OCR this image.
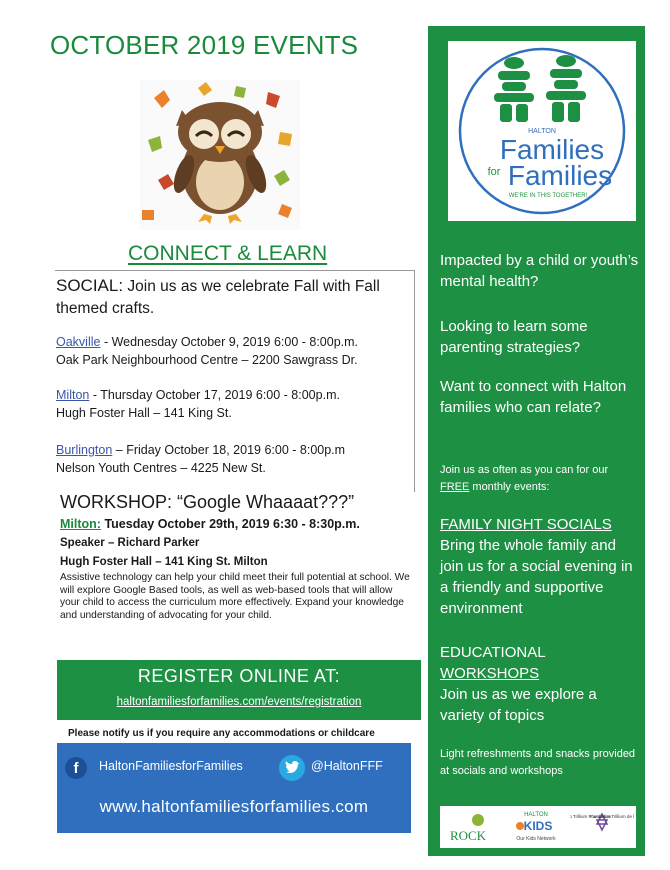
OCTOBER 2019 EVENTS
CONNECT & LEARN
SOCIAL: Join us as we celebrate Fall with Fall themed crafts.
Oakville - Wednesday October 9, 2019 6:00 - 8:00p.m.
Oak Park Neighbourhood Centre – 2200 Sawgrass Dr.
Milton - Thursday October 17, 2019 6:00 - 8:00p.m.
Hugh Foster Hall – 141 King St.
Burlington – Friday October 18, 2019 6:00 - 8:00p.m
Nelson Youth Centres – 4225 New St.
WORKSHOP: “Google Whaaaat???”
Milton: Tuesday October 29th, 2019 6:30 - 8:30p.m.
Speaker – Richard Parker
Hugh Foster Hall – 141 King St. Milton
Assistive technology can help your child meet their full potential at school. We will explore Google Based tools, as well as web-based tools that will allow your child to access the curriculum more effectively. Expand your knowledge and understanding of advocating for your child.
REGISTER ONLINE AT:
haltonfamiliesforfamilies.com/events/registration
Please notify us if you require any accommodations or childcare
f	HaltonFamiliesforFamilies	@HaltonFFF
www.haltonfamiliesforfamilies.com
HALTON
Families
for Families
WE'RE IN THIS TOGETHER!

Impacted by a child or youth’s mental health?

Looking to learn some parenting strategies?

Want to connect with Halton families who can relate?

Join us as often as you can for our FREE monthly events:

FAMILY NIGHT SOCIALS
Bring the whole family and join us for a social evening in a friendly and supportive environment

EDUCATIONAL
WORKSHOPS
Join us as we explore a variety of topics

Light refreshments and snacks provided at socials and workshops

ROCK
HALTON
KIDS
Our Kids Network
Trillium Foundation
Fondation Trillium de
